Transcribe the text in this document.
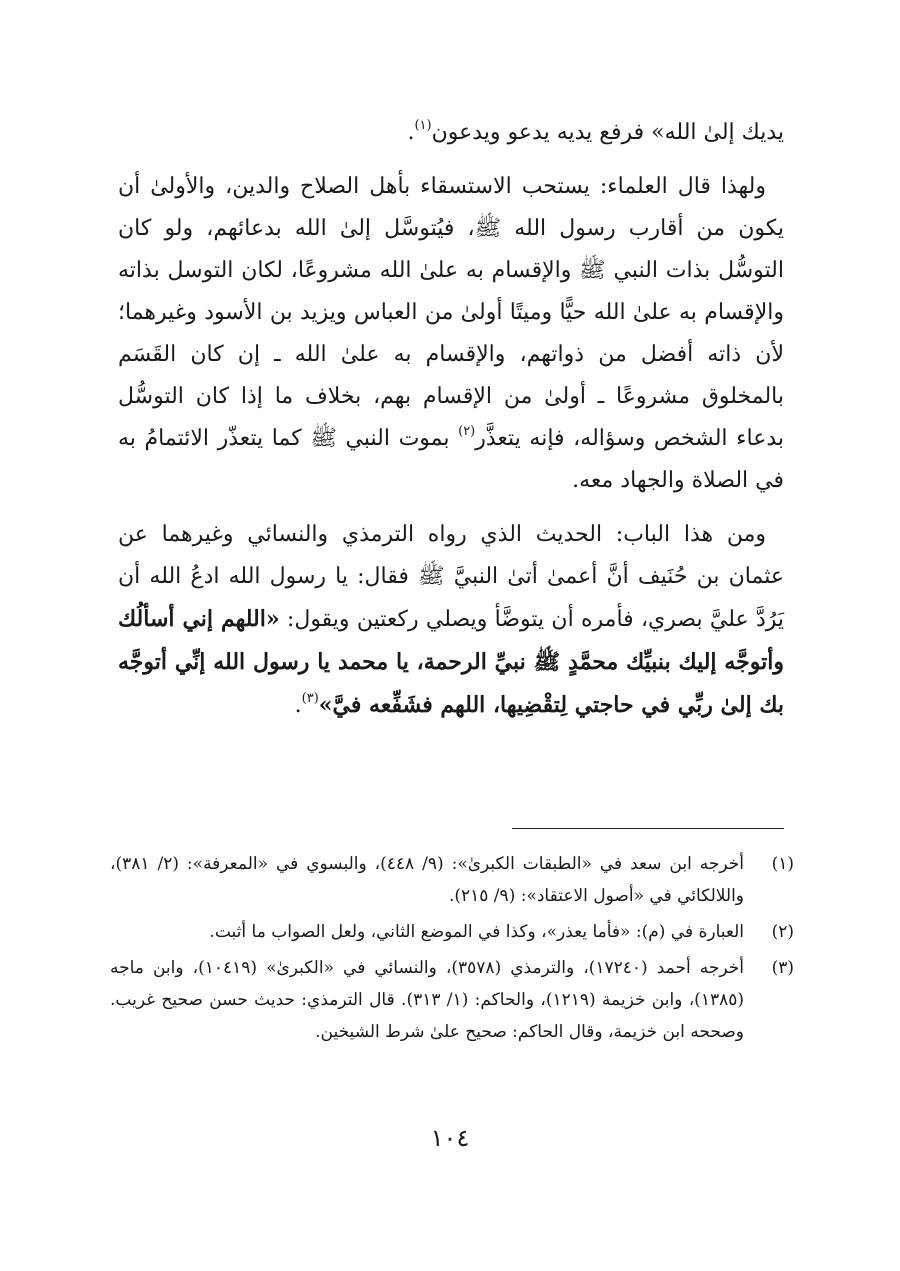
يديك إلىٰ الله» فرفع يديه يدعو ويدعون$^{(١)}$.

ولهذا قال العلماء: يستحب الاستسقاء بأهل الصلاح والدين، والأولىٰ أن يكون من أقارب رسول الله ﷺ، فيُتوسَّل إلىٰ الله بدعائهم، ولو كان التوسُّل بذات النبي ﷺ والإقسام به علىٰ الله مشروعًا، لكان التوسل بذاته والإقسام به علىٰ الله حيًّا وميتًا أولىٰ من العباس ويزيد بن الأسود وغيرهما؛ لأن ذاته أفضل من ذواتهم، والإقسام به علىٰ الله ـ إن كان القَسَم بالمخلوق مشروعًا ـ أولىٰ من الإقسام بهم، بخلاف ما إذا كان التوسُّل بدعاء الشخص وسؤاله، فإنه يتعذَّر$^{(٢)}$ بموت النبي ﷺ كما يتعذّر الائتمامُ به في الصلاة والجهاد معه.

ومن هذا الباب: الحديث الذي رواه الترمذي والنسائي وغيرهما عن عثمان بن حُنَيف أنَّ أعمىٰ أتىٰ النبيَّ ﷺ فقال: يا رسول الله ادعُ الله أن يَرُدَّ عليَّ بصري، فأمره أن يتوضَّأ ويصلي ركعتين ويقول: «اللهم إني أسألُك وأتوجَّه إليك بنبيِّك محمَّدٍ ﷺ نبيِّ الرحمة، يا محمد يا رسول الله إنِّي أتوجَّه بك إلىٰ ربِّي في حاجتي لِتقْضِيها، اللهم فشَفِّعه فيَّ»$^{(٣)}$.

(١)
أخرجه ابن سعد في «الطبقات الكبرىٰ»: (٩/ ٤٤٨)، والبسوي في «المعرفة»: (٢/ ٣٨١)، واللالكائي في «أصول الاعتقاد»: (٩/ ٢١٥).

(٢)
العبارة في (م): «فأما يعذر»، وكذا في الموضع الثاني، ولعل الصواب ما أثبت.

(٣)
أخرجه أحمد (١٧٢٤٠)، والترمذي (٣٥٧٨)، والنسائي في «الكبرىٰ» (١٠٤١٩)، وابن ماجه (١٣٨٥)، وابن خزيمة (١٢١٩)، والحاكم: (١/ ٣١٣). قال الترمذي: حديث حسن صحيح غريب. وصححه ابن خزيمة، وقال الحاكم: صحيح علىٰ شرط الشيخين.

١٠٤
